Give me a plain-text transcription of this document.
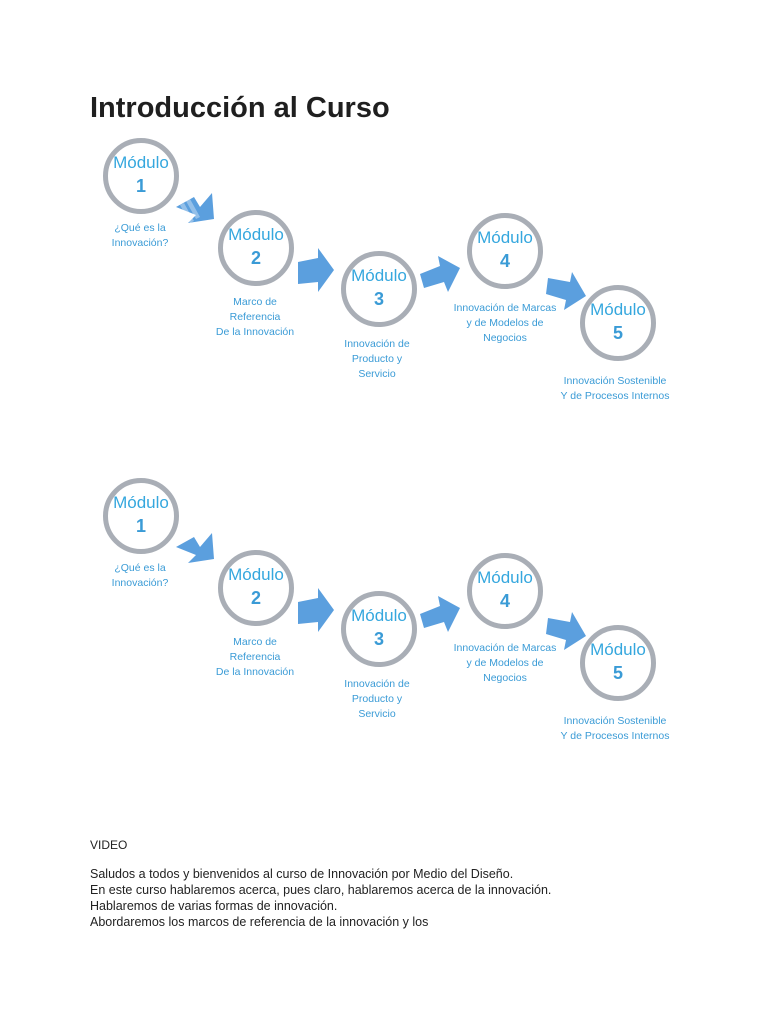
Introducción al Curso
Módulo
1
¿Qué es la
Innovación?	Módulo
2
Marco de
Referencia
De la Innovación
Módulo
3
Innovación de
Producto y
Servicio
Módulo
4
Innovación de Marcas
y de Modelos de
Negocios
Módulo
5
Innovación Sostenible
Y de Procesos Internos
Módulo
1
¿Qué es la
Innovación?	Módulo
2
Marco de
Referencia
De la Innovación
Módulo
3
Innovación de
Producto y
Servicio
Módulo
4
Innovación de Marcas
y de Modelos de
Negocios
Módulo
5
Innovación Sostenible
Y de Procesos Internos
VIDEO

Saludos a todos y bienvenidos al curso de Innovación por Medio del Diseño.

En este curso hablaremos acerca, pues claro, hablaremos acerca de la innovación.

Hablaremos de varias formas de innovación.

Abordaremos los marcos de referencia de la innovación y los
